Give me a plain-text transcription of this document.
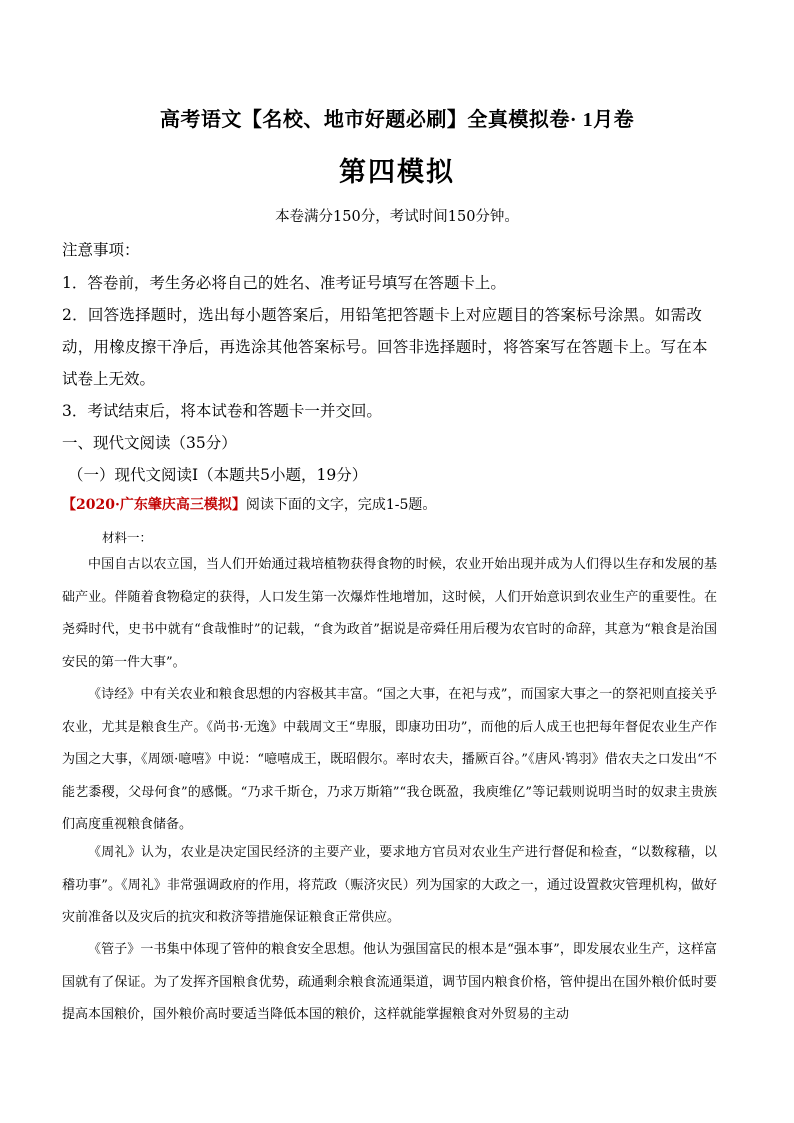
高考语文【名校、地市好题必刷】全真模拟卷· 1月卷
第四模拟
本卷满分150分，考试时间150分钟。
注意事项：
1．答卷前，考生务必将自己的姓名、准考证号填写在答题卡上。
2．回答选择题时，选出每小题答案后，用铅笔把答题卡上对应题目的答案标号涂黑。如需改
动，用橡皮擦干净后，再选涂其他答案标号。回答非选择题时，将答案写在答题卡上。写在本
试卷上无效。
3．考试结束后，将本试卷和答题卡一并交回。
一、现代文阅读（35分）
（一）现代文阅读Ⅰ（本题共5小题，19分）
【2020·广东肇庆高三模拟】阅读下面的文字，完成1-5题。
材料一：
中国自古以农立国，当人们开始通过栽培植物获得食物的时候，农业开始出现并成为人们得以生存和发展的基础产业。伴随着食物稳定的获得，人口发生第一次爆炸性地增加，这时候，人们开始意识到农业生产的重要性。在尧舜时代，史书中就有“食哉惟时”的记载，“食为政首”据说是帝舜任用后稷为农官时的命辞，其意为“粮食是治国安民的第一件大事”。
《诗经》中有关农业和粮食思想的内容极其丰富。“国之大事，在祀与戎”，而国家大事之一的祭祀则直接关乎农业，尤其是粮食生产。《尚书·无逸》中载周文王“卑服，即康功田功”，而他的后人成王也把每年督促农业生产作为国之大事，《周颂·噫嘻》中说：“噫嘻成王，既昭假尔。率时农夫，播厥百谷。”《唐风·鸨羽》借农夫之口发出“不能艺黍稷，父母何食”的感慨。“乃求千斯仓，乃求万斯箱”“我仓既盈，我庾维亿”等记载则说明当时的奴隶主贵族们高度重视粮食储备。
《周礼》认为，农业是决定国民经济的主要产业，要求地方官员对农业生产进行督促和检查，“以数稼穑，以稽功事”。《周礼》非常强调政府的作用，将荒政（赈济灾民）列为国家的大政之一，通过设置救灾管理机构，做好灾前准备以及灾后的抗灾和救济等措施保证粮食正常供应。
《管子》一书集中体现了管仲的粮食安全思想。他认为强国富民的根本是“强本事”，即发展农业生产，这样富国就有了保证。为了发挥齐国粮食优势，疏通剩余粮食流通渠道，调节国内粮食价格，管仲提出在国外粮价低时要提高本国粮价，国外粮价高时要适当降低本国的粮价，这样就能掌握粮食对外贸易的主动
